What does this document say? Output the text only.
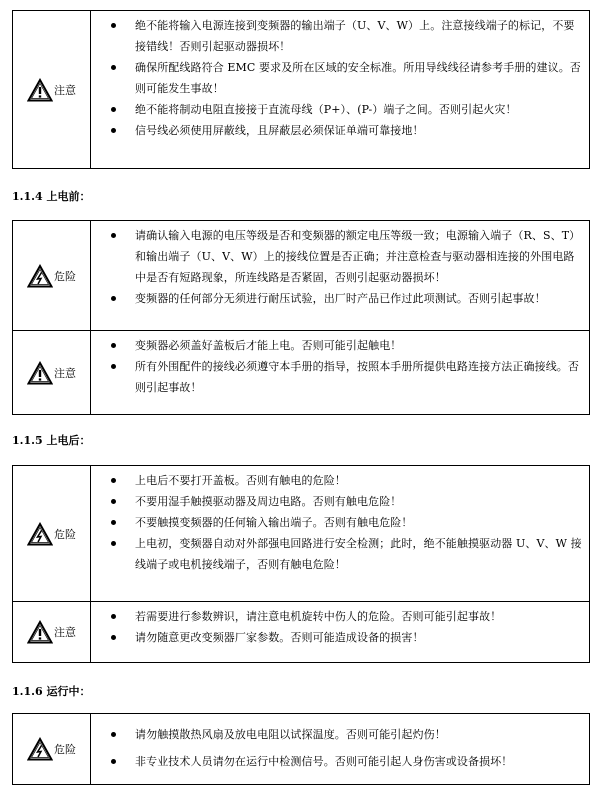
注意
绝不能将输入电源连接到变频器的输出端子（U、V、W）上。注意接线端子的标记，不要接错线！否则引起驱动器损坏！
确保所配线路符合 EMC 要求及所在区域的安全标准。所用导线线径请参考手册的建议。否则可能发生事故！
绝不能将制动电阻直接接于直流母线（P+）、(P-）端子之间。否则引起火灾！
信号线必须使用屏蔽线，且屏蔽层必须保证单端可靠接地！
1.1.4 上电前：
危险
请确认输入电源的电压等级是否和变频器的额定电压等级一致；电源输入端子（R、S、T）和输出端子（U、V、W）上的接线位置是否正确；并注意检查与驱动器相连接的外围电路中是否有短路现象，所连线路是否紧固，否则引起驱动器损坏！
变频器的任何部分无须进行耐压试验，出厂时产品已作过此项测试。否则引起事故！
注意
变频器必须盖好盖板后才能上电。否则可能引起触电！
所有外围配件的接线必须遵守本手册的指导，按照本手册所提供电路连接方法正确接线。否则引起事故！
1.1.5 上电后：
危险
上电后不要打开盖板。否则有触电的危险！
不要用湿手触摸驱动器及周边电路。否则有触电危险！
不要触摸变频器的任何输入输出端子。否则有触电危险！
上电初，变频器自动对外部强电回路进行安全检测；此时，绝不能触摸驱动器 U、V、W 接线端子或电机接线端子，否则有触电危险！
注意
若需要进行参数辨识，请注意电机旋转中伤人的危险。否则可能引起事故！
请勿随意更改变频器厂家参数。否则可能造成设备的损害！
1.1.6 运行中：
危险
请勿触摸散热风扇及放电电阻以试探温度。否则可能引起灼伤！
非专业技术人员请勿在运行中检测信号。否则可能引起人身伤害或设备损坏！
